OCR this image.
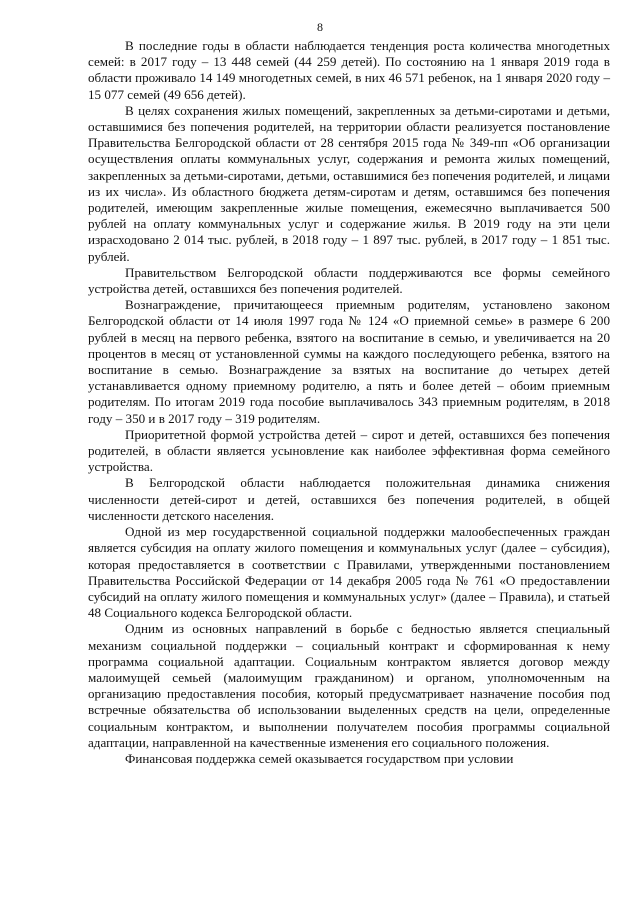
8

В последние годы в области наблюдается тенденция роста количества многодетных семей: в 2017 году – 13 448 семей (44 259 детей). По состоянию на 1 января 2019 года в области проживало 14 149 многодетных семей, в них 46 571 ребенок, на 1 января 2020 году – 15 077 семей (49 656 детей).

В целях сохранения жилых помещений, закрепленных за детьми-сиротами и детьми, оставшимися без попечения родителей, на территории области реализуется постановление Правительства Белгородской области от 28 сентября 2015 года № 349-пп «Об организации осуществления оплаты коммунальных услуг, содержания и ремонта жилых помещений, закрепленных за детьми-сиротами, детьми, оставшимися без попечения родителей, и лицами из их числа». Из областного бюджета детям-сиротам и детям, оставшимся без попечения родителей, имеющим закрепленные жилые помещения, ежемесячно выплачивается 500 рублей на оплату коммунальных услуг и содержание жилья. В 2019 году на эти цели израсходовано 2 014 тыс. рублей, в 2018 году – 1 897 тыс. рублей, в 2017 году – 1 851 тыс. рублей.

Правительством Белгородской области поддерживаются все формы семейного устройства детей, оставшихся без попечения родителей.

Вознаграждение, причитающееся приемным родителям, установлено законом Белгородской области от 14 июля 1997 года № 124 «О приемной семье» в размере 6 200 рублей в месяц на первого ребенка, взятого на воспитание в семью, и увеличивается на 20 процентов в месяц от установленной суммы на каждого последующего ребенка, взятого на воспитание в семью. Вознаграждение за взятых на воспитание до четырех детей устанавливается одному приемному родителю, а пять и более детей – обоим приемным родителям. По итогам 2019 года пособие выплачивалось 343 приемным родителям, в 2018 году – 350 и в 2017 году – 319 родителям.

Приоритетной формой устройства детей – сирот и детей, оставшихся без попечения родителей, в области является усыновление как наиболее эффективная форма семейного устройства.

В Белгородской области наблюдается положительная динамика снижения численности детей-сирот и детей, оставшихся без попечения родителей, в общей численности детского населения.

Одной из мер государственной социальной поддержки малообеспеченных граждан является субсидия на оплату жилого помещения и коммунальных услуг (далее – субсидия), которая предоставляется в соответствии с Правилами, утвержденными постановлением Правительства Российской Федерации от 14 декабря 2005 года № 761 «О предоставлении субсидий на оплату жилого помещения и коммунальных услуг» (далее – Правила), и статьей 48 Социального кодекса Белгородской области.

Одним из основных направлений в борьбе с бедностью является специальный механизм социальной поддержки – социальный контракт и сформированная к нему программа социальной адаптации. Социальным контрактом является договор между малоимущей семьей (малоимущим гражданином) и органом, уполномоченным на организацию предоставления пособия, который предусматривает назначение пособия под встречные обязательства об использовании выделенных средств на цели, определенные социальным контрактом, и выполнении получателем пособия программы социальной адаптации, направленной на качественные изменения его социального положения.

Финансовая поддержка семей оказывается государством при условии
